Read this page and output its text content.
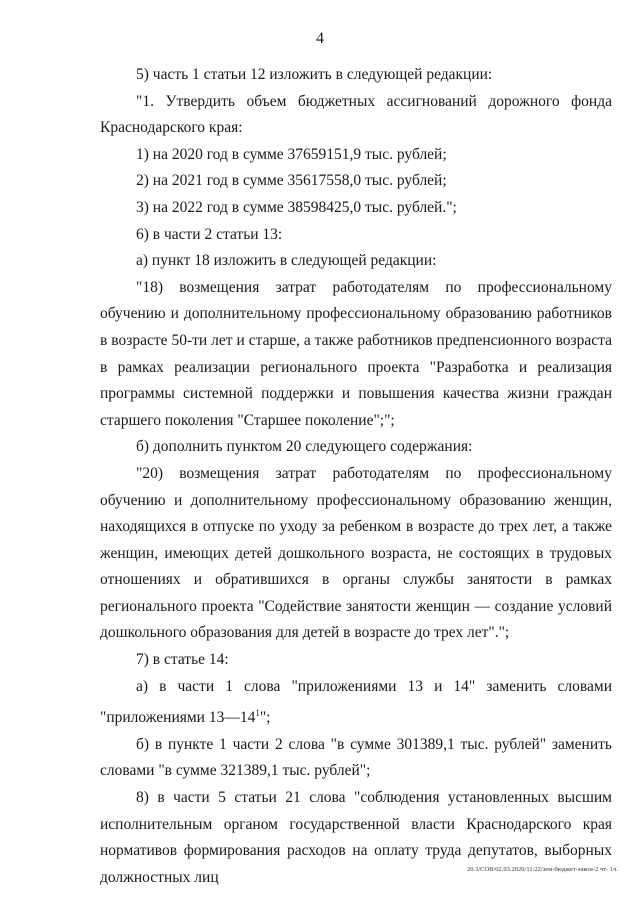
4

5) часть 1 статьи 12 изложить в следующей редакции:

"1. Утвердить объем бюджетных ассигнований дорожного фонда Краснодарского края:

1) на 2020 год в сумме 37659151,9 тыс. рублей;

2) на 2021 год в сумме 35617558,0 тыс. рублей;

3) на 2022 год в сумме 38598425,0 тыс. рублей.";

6) в части 2 статьи 13:

а) пункт 18 изложить в следующей редакции:

"18) возмещения затрат работодателям по профессиональному обучению и дополнительному профессиональному образованию работников в возрасте 50-ти лет и старше, а также работников предпенсионного возраста в рамках реализации регионального проекта "Разработка и реализация программы системной поддержки и повышения качества жизни граждан старшего поколения "Старшее поколение";";

б) дополнить пунктом 20 следующего содержания:

"20) возмещения затрат работодателям по профессиональному обучению и дополнительному профессиональному образованию женщин, находящихся в отпуске по уходу за ребенком в возрасте до трех лет, а также женщин, имеющих детей дошкольного возраста, не состоящих в трудовых отношениях и обратившихся в органы службы занятости в рамках регионального проекта "Содействие занятости женщин — создание условий дошкольного образования для детей в возрасте до трех лет".";

7) в статье 14:

а) в части 1 слова "приложениями 13 и 14" заменить словами "приложениями $13—14^1$";

б) в пункте 1 части 2 слова "в сумме 301389,1 тыс. рублей" заменить словами "в сумме 321389,1 тыс. рублей";

8) в части 5 статьи 21 слова "соблюдения установленных высшим исполнительным органом государственной власти Краснодарского края нормативов формирования расходов на оплату труда депутатов, выборных должностных лиц	20.3/СОВ/02.03.2020/11:22/зем-бюджет-закон-2 чт- 1ч.
